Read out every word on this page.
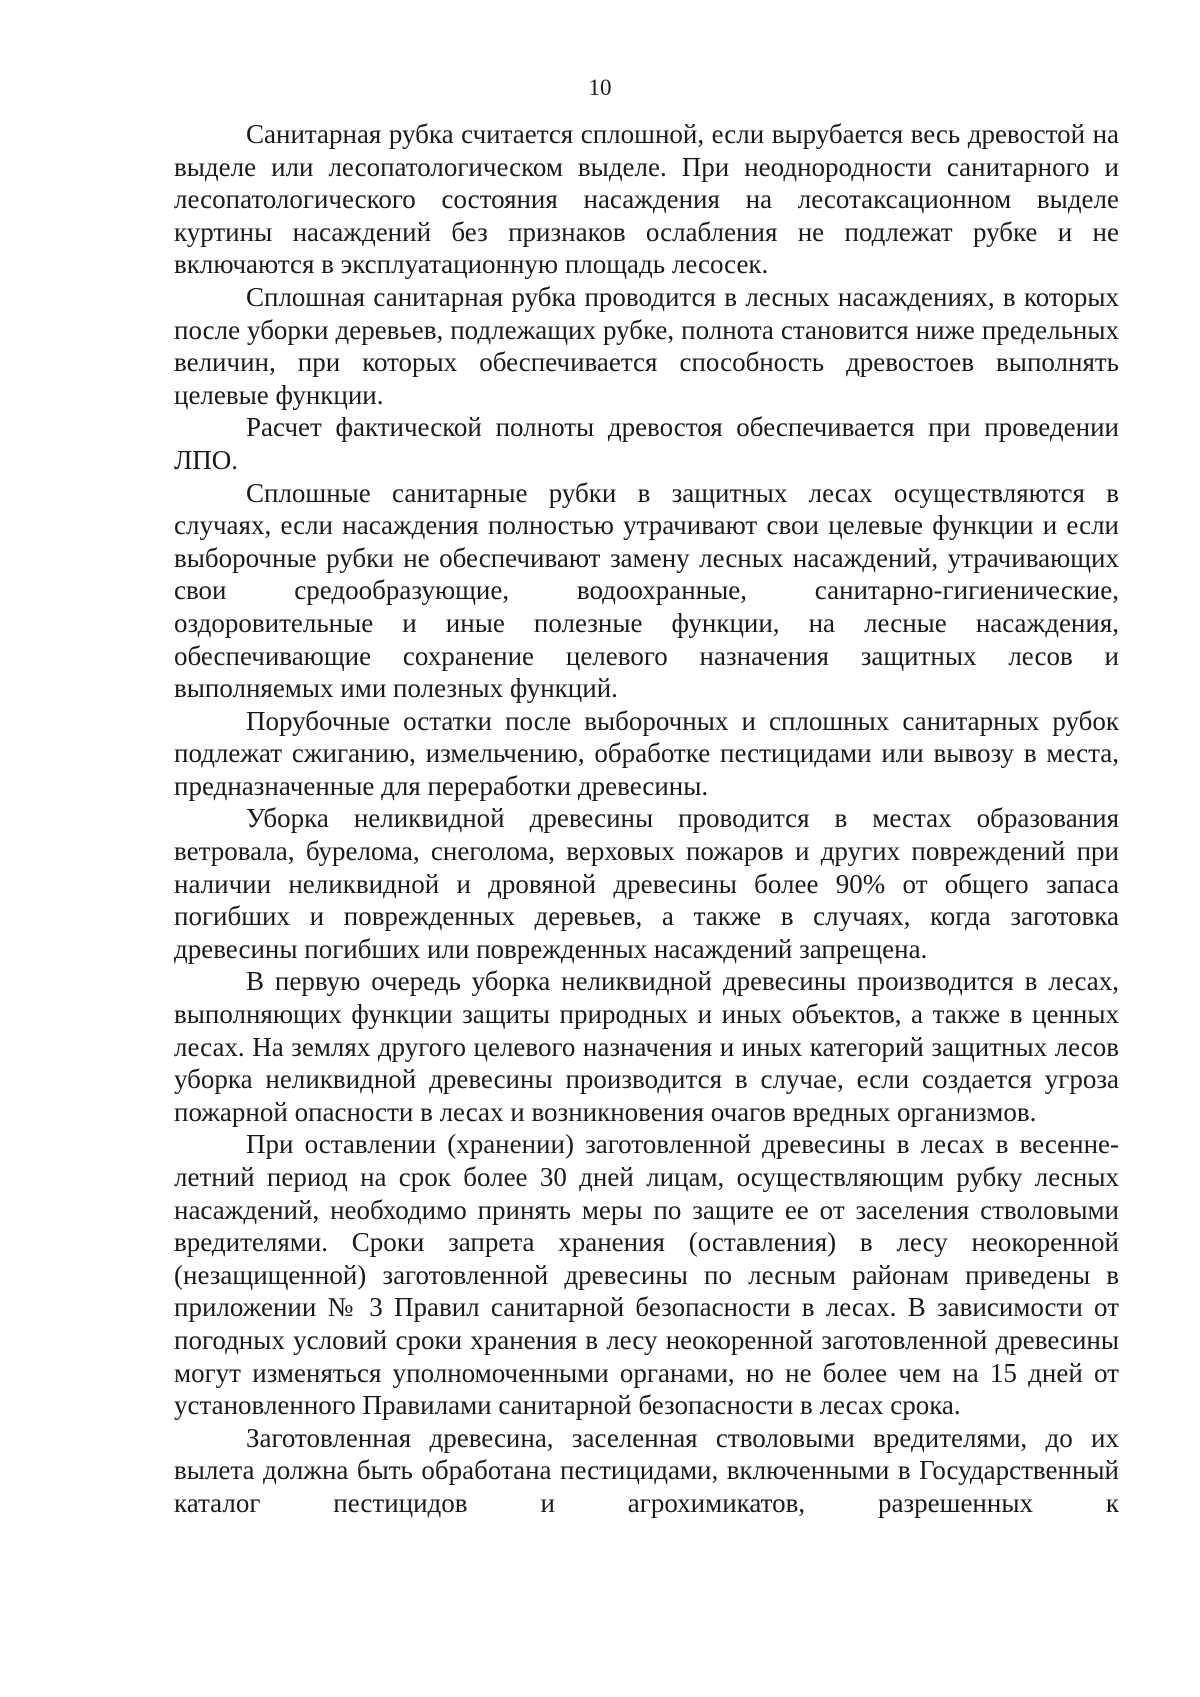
10

Санитарная рубка считается сплошной, если вырубается весь древостой на выделе или лесопатологическом выделе. При неоднородности санитарного и лесопатологического состояния насаждения на лесотаксационном выделе куртины насаждений без признаков ослабления не подлежат рубке и не включаются в эксплуатационную площадь лесосек.

Сплошная санитарная рубка проводится в лесных насаждениях, в которых после уборки деревьев, подлежащих рубке, полнота становится ниже предельных величин, при которых обеспечивается способность древостоев выполнять целевые функции.

Расчет фактической полноты древостоя обеспечивается при проведении ЛПО.

Сплошные санитарные рубки в защитных лесах осуществляются в случаях, если насаждения полностью утрачивают свои целевые функции и если выборочные рубки не обеспечивают замену лесных насаждений, утрачивающих свои средообразующие, водоохранные, санитарно-гигиенические, оздоровительные и иные полезные функции, на лесные насаждения, обеспечивающие сохранение целевого назначения защитных лесов и выполняемых ими полезных функций.

Порубочные остатки после выборочных и сплошных санитарных рубок подлежат сжиганию, измельчению, обработке пестицидами или вывозу в места, предназначенные для переработки древесины.

Уборка неликвидной древесины проводится в местах образования ветровала, бурелома, снеголома, верховых пожаров и других повреждений при наличии неликвидной и дровяной древесины более 90% от общего запаса погибших и поврежденных деревьев, а также в случаях, когда заготовка древесины погибших или поврежденных насаждений запрещена.

В первую очередь уборка неликвидной древесины производится в лесах, выполняющих функции защиты природных и иных объектов, а также в ценных лесах. На землях другого целевого назначения и иных категорий защитных лесов уборка неликвидной древесины производится в случае, если создается угроза пожарной опасности в лесах и возникновения очагов вредных организмов.

При оставлении (хранении) заготовленной древесины в лесах в весенне-летний период на срок более 30 дней лицам, осуществляющим рубку лесных насаждений, необходимо принять меры по защите ее от заселения стволовыми вредителями. Сроки запрета хранения (оставления) в лесу неокоренной (незащищенной) заготовленной древесины по лесным районам приведены в приложении № 3 Правил санитарной безопасности в лесах. В зависимости от погодных условий сроки хранения в лесу неокоренной заготовленной древесины могут изменяться уполномоченными органами, но не более чем на 15 дней от установленного Правилами санитарной безопасности в лесах срока.

Заготовленная древесина, заселенная стволовыми вредителями, до их вылета должна быть обработана пестицидами, включенными в Государственный каталог пестицидов и агрохимикатов, разрешенных к
